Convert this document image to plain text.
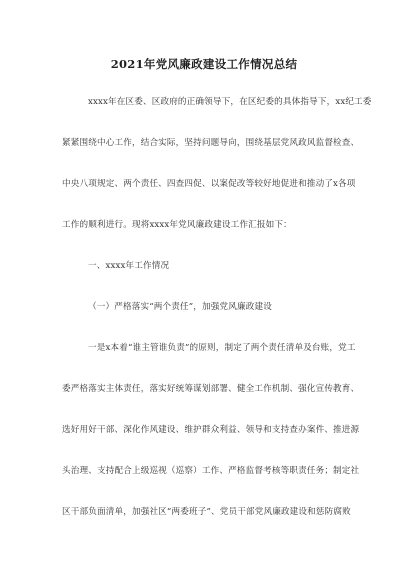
2021年党风廉政建设工作情况总结
xxxx年在区委、区政府的正确领导下，在区纪委的具体指导下，xx纪工委
紧紧围绕中心工作，结合实际，坚持问题导向，围绕基层党风政风监督检查、
中央八项规定、两个责任、四查四促、以案促改等较好地促进和推动了x各项
工作的顺利进行。现将xxxx年党风廉政建设工作汇报如下：
一、xxxx年工作情况
（一）严格落实“两个责任”，加强党风廉政建设
一是x本着“谁主管谁负责”的原则，制定了两个责任清单及台账，党工
委严格落实主体责任，落实好统筹谋划部署、健全工作机制、强化宣传教育、
选好用好干部、深化作风建设、维护群众利益、领导和支持查办案件、推进源
头治理、支持配合上级巡视（巡察）工作、严格监督考核等职责任务；制定社
区干部负面清单，加强社区“两委班子”、党员干部党风廉政建设和惩防腐败
